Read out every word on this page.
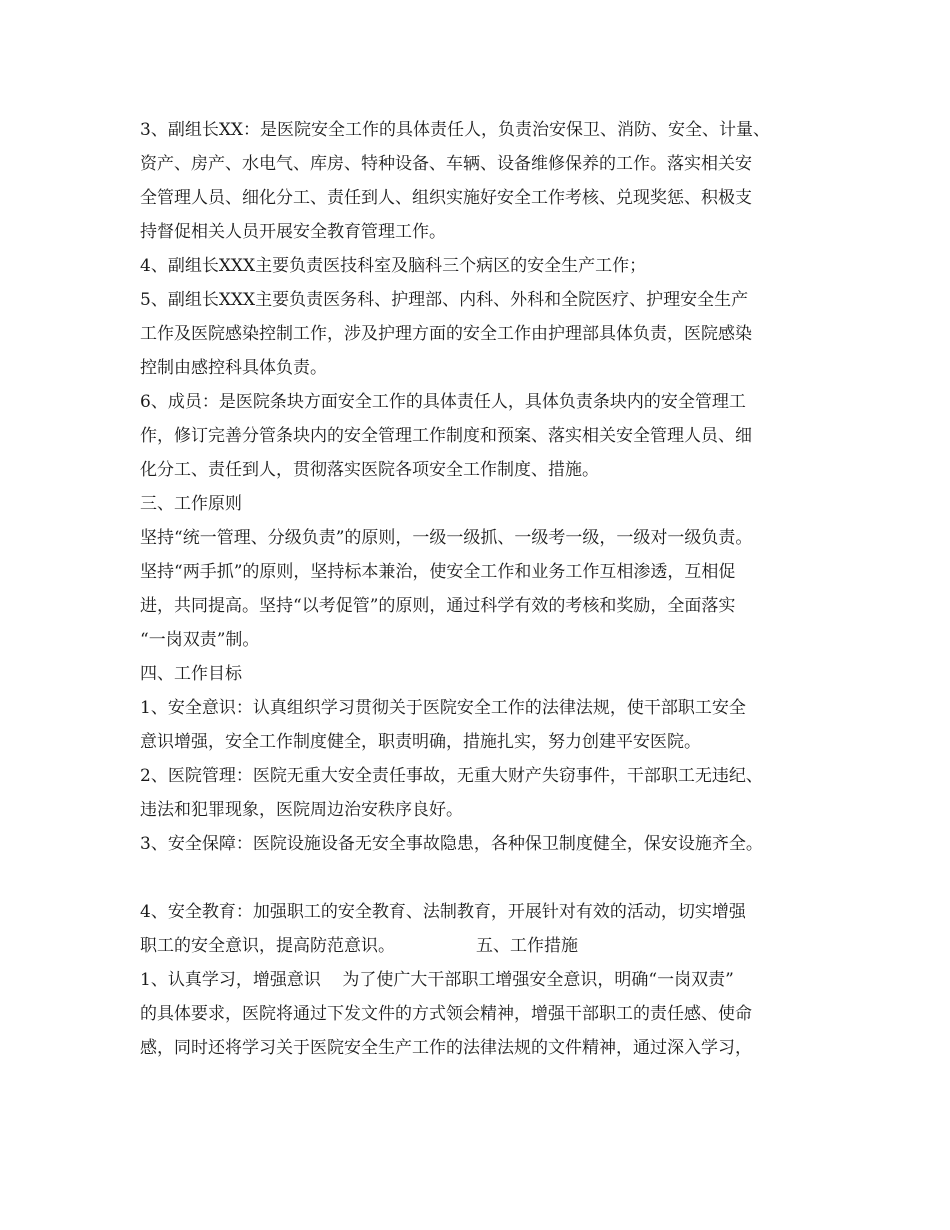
3、副组长XX：是医院安全工作的具体责任人，负责治安保卫、消防、安全、计量、
资产、房产、水电气、库房、特种设备、车辆、设备维修保养的工作。落实相关安
全管理人员、细化分工、责任到人、组织实施好安全工作考核、兑现奖惩、积极支
持督促相关人员开展安全教育管理工作。
4、副组长XXX主要负责医技科室及脑科三个病区的安全生产工作；
5、副组长XXX主要负责医务科、护理部、内科、外科和全院医疗、护理安全生产
工作及医院感染控制工作，涉及护理方面的安全工作由护理部具体负责，医院感染
控制由感控科具体负责。
6、成员：是医院条块方面安全工作的具体责任人，具体负责条块内的安全管理工
作，修订完善分管条块内的安全管理工作制度和预案、落实相关安全管理人员、细
化分工、责任到人，贯彻落实医院各项安全工作制度、措施。
三、工作原则
坚持“统一管理、分级负责”的原则，一级一级抓、一级考一级，一级对一级负责。
坚持“两手抓”的原则，坚持标本兼治，使安全工作和业务工作互相渗透，互相促
进，共同提高。坚持“以考促管”的原则，通过科学有效的考核和奖励，全面落实
“一岗双责”制。
四、工作目标
1、安全意识：认真组织学习贯彻关于医院安全工作的法律法规，使干部职工安全
意识增强，安全工作制度健全，职责明确，措施扎实，努力创建平安医院。
2、医院管理：医院无重大安全责任事故，无重大财产失窃事件，干部职工无违纪、
违法和犯罪现象，医院周边治安秩序良好。
3、安全保障：医院设施设备无安全事故隐患，各种保卫制度健全，保安设施齐全。
4、安全教育：加强职工的安全教育、法制教育，开展针对有效的活动，切实增强
职工的安全意识，提高防范意识。               五、工作措施
1、认真学习，增强意识    为了使广大干部职工增强安全意识，明确“一岗双责”
的具体要求，医院将通过下发文件的方式领会精神，增强干部职工的责任感、使命
感，同时还将学习关于医院安全生产工作的法律法规的文件精神，通过深入学习，
